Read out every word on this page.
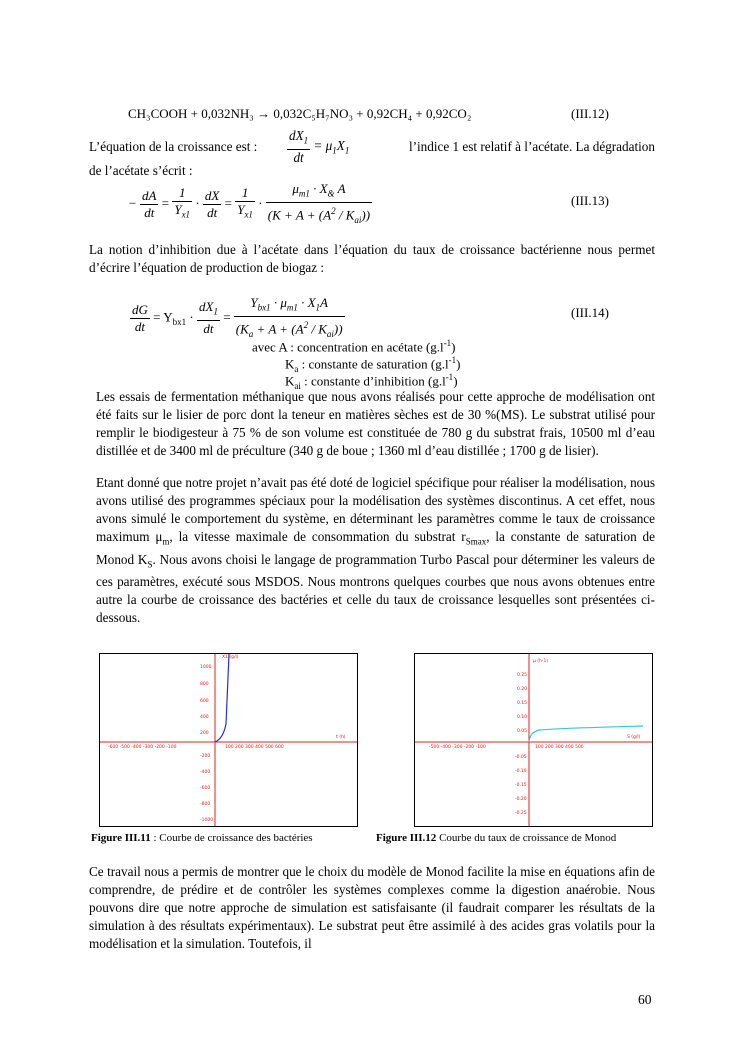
CH₃COOH + 0,032NH₃ → 0,032C₅H₇NO₃ + 0,92CH₄ + 0,92CO₂	(III.12)
L’équation de la croissance est : $\frac{dX_1}{dt} = \mu_1X_1$	l’indice 1 est relatif à l’acétate. La dégradation
de l’acétate s’écrit :
− $\frac{dA}{dt} = \frac{1}{Y_{x1}} \cdot \frac{dX}{dt} = \frac{1}{Y_{x1}} \cdot \frac{\mu_{m1} \cdot X_{\&} A}{(K + A + (A^2 / K_{ai}))}$	(III.13)
La notion d’inhibition due à l’acétate dans l’équation du taux de croissance bactérienne nous permet d’écrire l’équation de production de biogaz :
$\frac{dG}{dt} = Y_{bx1} \cdot \frac{dX_1}{dt} = \frac{Y_{bx1} \cdot \mu_{m1} \cdot X_1A}{(K_a + A + (A^2 / K_{ai}))}$	(III.14)
avec A : concentration en acétate $(g.l^{-1})$
$K_a$ : constante de saturation $(g.l^{-1})$
$K_{ai}$ : constante d’inhibition $(g.l^{-1})$
Les essais de fermentation méthanique que nous avons réalisés pour cette approche de modélisation ont été faits sur le lisier de porc dont la teneur en matières sèches est de 30 %(MS). Le substrat utilisé pour remplir le biodigesteur à 75 % de son volume est constituée de 780 g du substrat frais, 10500 ml d’eau distillée et de 3400 ml de préculture (340 g de boue ; 1360 ml d’eau distillée ; 1700 g de lisier).
Etant donné que notre projet n’avait pas été doté de logiciel spécifique pour réaliser la modélisation, nous avons utilisé des programmes spéciaux pour la modélisation des systèmes discontinus. A cet effet, nous avons simulé le comportement du système, en déterminant les paramètres comme le taux de croissance maximum $\mu_m$, la vitesse maximale de consommation du substrat $r_{Smax}$, la constante de saturation de Monod $K_S$. Nous avons choisi le langage de programmation Turbo Pascal pour déterminer les valeurs de ces paramètres, exécuté sous MSDOS. Nous montrons quelques courbes que nous avons obtenues entre autre la courbe de croissance des bactéries et celle du taux de croissance lesquelles sont présentées ci-dessous.
1000
800
600
400
200
-200
-400
-600
-800
-1000
-600 -500 -400 -300 -200 -100	100 200 300 400 500 600
X1 (g/l)
t (h)
Figure III.11 : Courbe de croissance des bactéries
0.25
0.20
0.15
0.10
0.05
-0.05
-0.10
-0.15
-0.20
-0.25
-500 -400 -300 -200 -100	100 200 300 400 500
μ (h-1)
S (g/l)
Figure III.12 Courbe du taux de croissance de Monod
Ce travail nous a permis de montrer que le choix du modèle de Monod facilite la mise en équations afin de comprendre, de prédire et de contrôler les systèmes complexes comme la digestion anaérobie. Nous pouvons dire que notre approche de simulation est satisfaisante (il faudrait comparer les résultats de la simulation à des résultats expérimentaux). Le substrat peut être assimilé à des acides gras volatils pour la modélisation et la simulation. Toutefois, il
60
